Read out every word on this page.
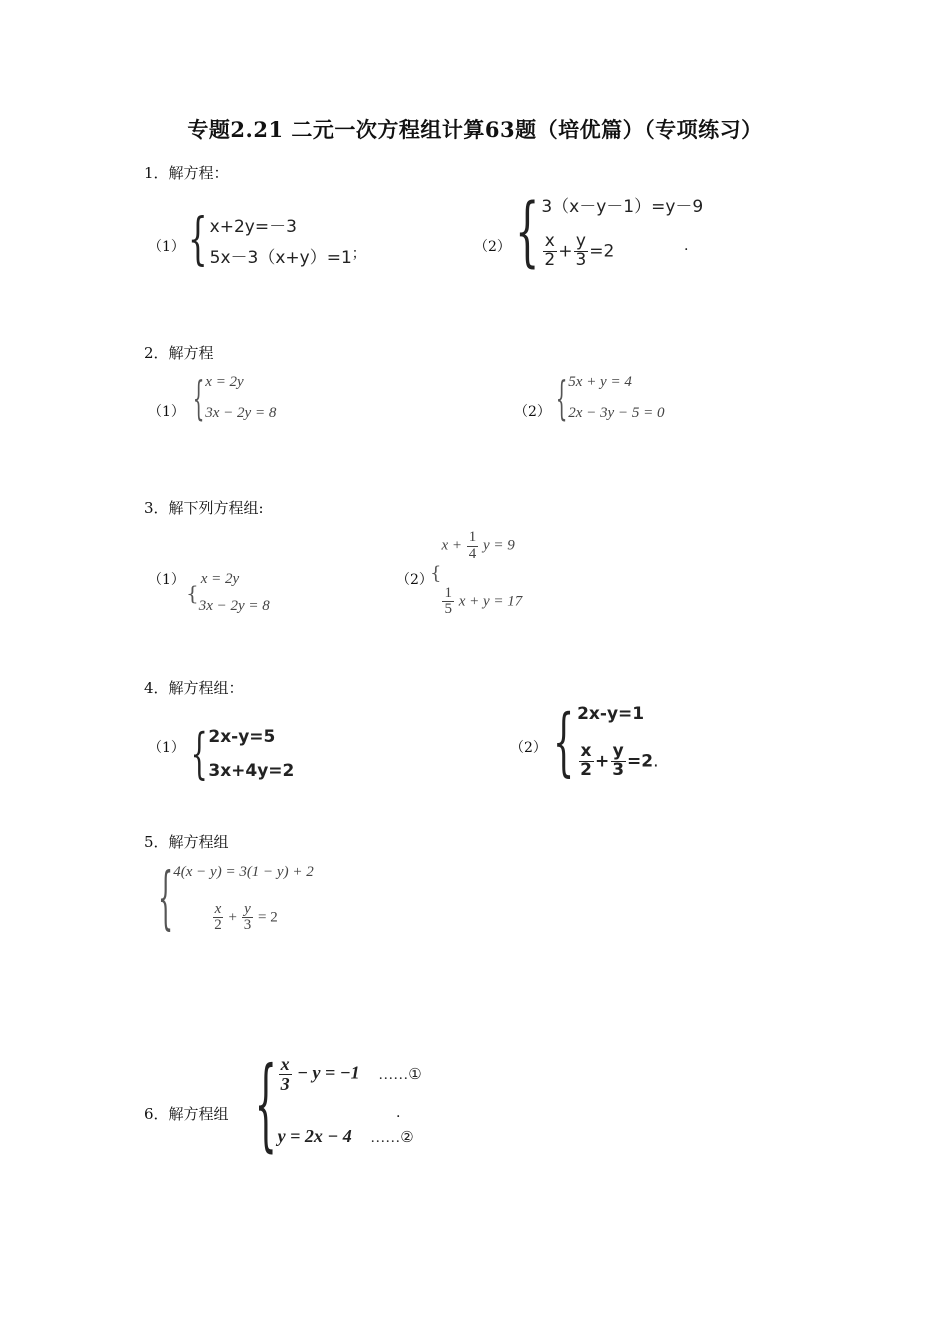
专题2.21 二元一次方程组计算63题（培优篇）（专项练习）
1．解方程：
（1） { x+2y=－3
5x－3（x+y）=1 ；	（2） { 3（x－y－1）=y－9
$\frac{x}{2} + \frac{y}{3} =2$	.
2．解方程
（1） { x = 2y
3x − 2y = 8	（2） { 5x + y = 4
2x − 3y − 5 = 0
3．解下列方程组:
（1）
{
x = 2y
3x − 2y = 8
（2）
{
$x + \frac{1}{4}$ y = 9
$\frac{1}{5}$ x + y = 17
4．解方程组：
（1） { 2x-y=5
3x+4y=2
（2） { 2x-y=1
$\frac{x}{2} + \frac{y}{3} =2$.
5．解方程组
{ 4(x − y) = 3(1 − y) + 2
$\frac{x}{2} + \frac{y}{3} = 2$
6．解方程组 { $\frac{x}{3} - y = -1$ ……①
y = 2x − 4 ……②
.
